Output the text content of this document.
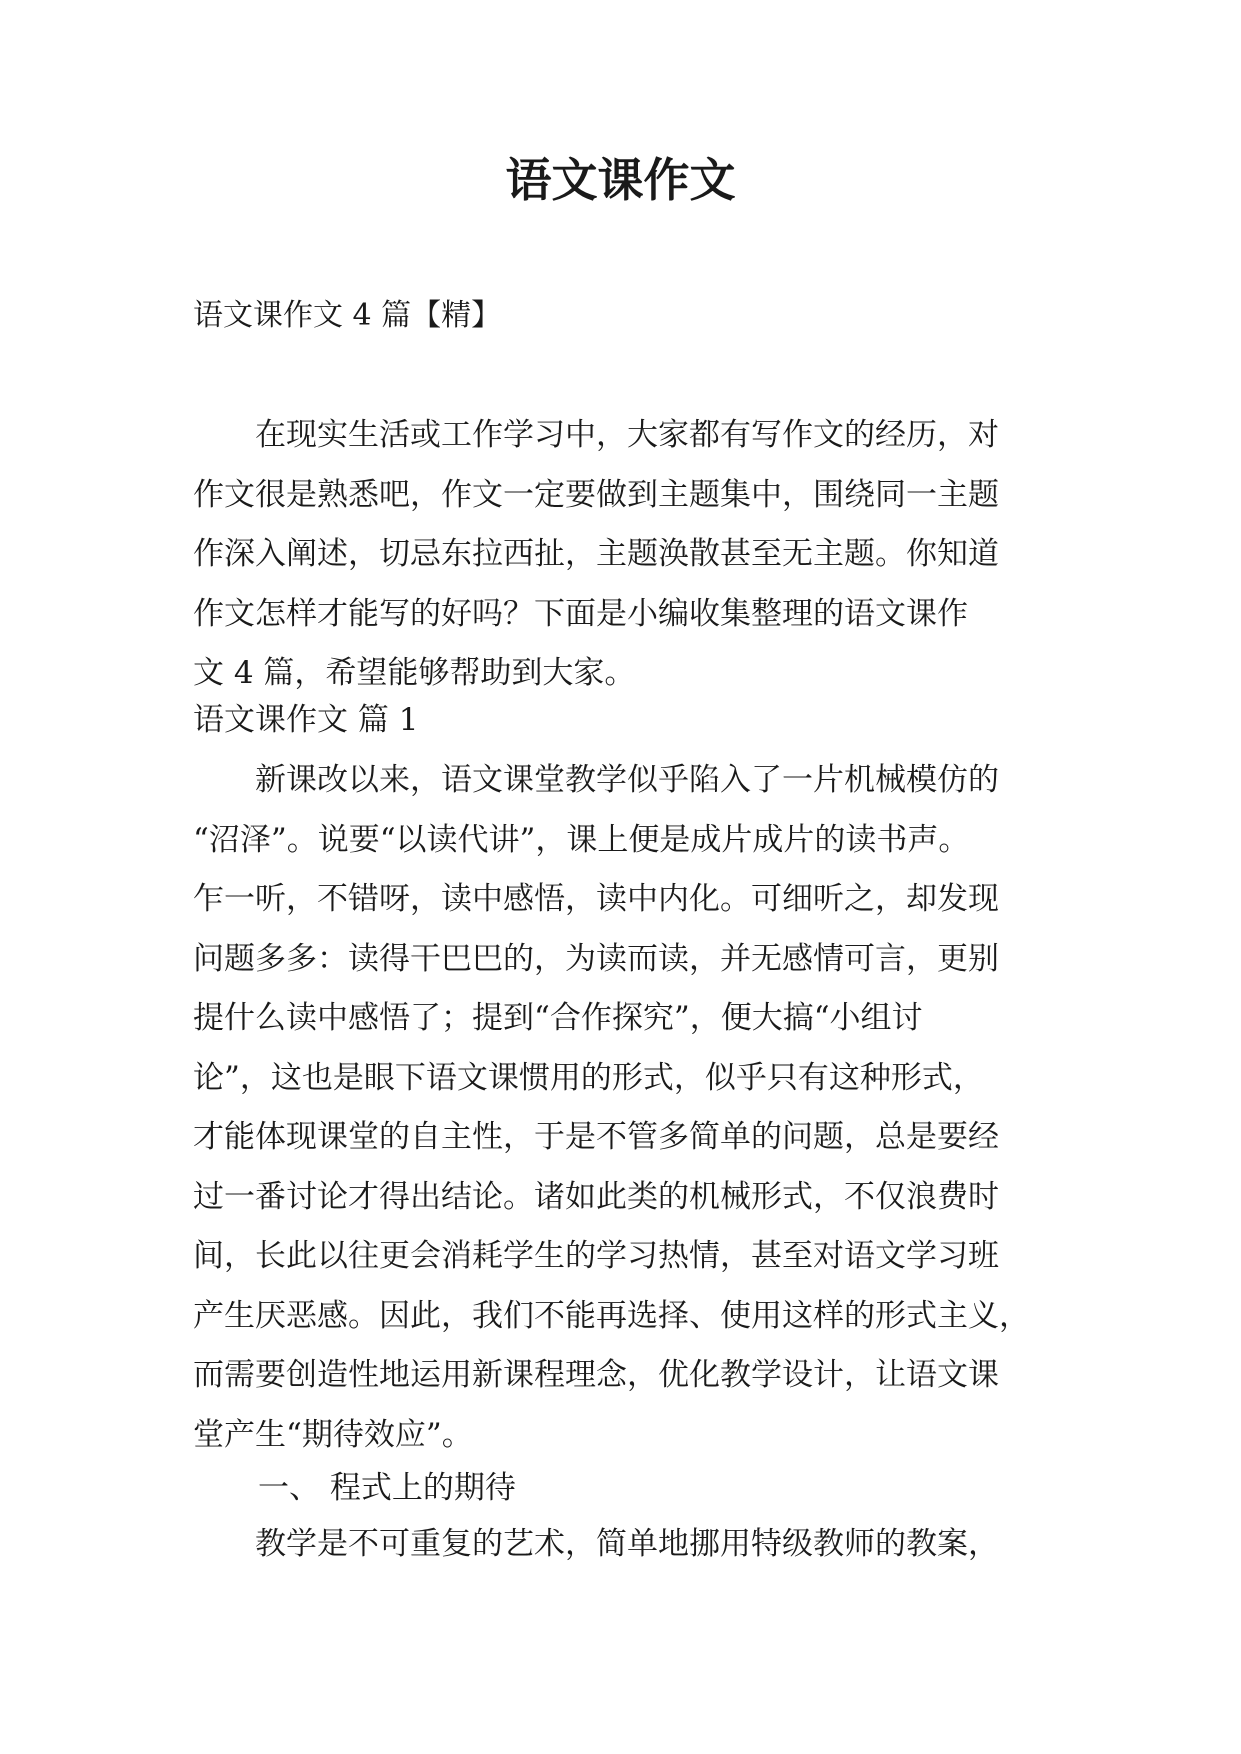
语文课作文
语文课作文 4 篇【精】
　　在现实生活或工作学习中，大家都有写作文的经历，对
作文很是熟悉吧，作文一定要做到主题集中，围绕同一主题
作深入阐述，切忌东拉西扯，主题涣散甚至无主题。你知道
作文怎样才能写的好吗？下面是小编收集整理的语文课作
文 4 篇，希望能够帮助到大家。
语文课作文 篇 1
　　新课改以来，语文课堂教学似乎陷入了一片机械模仿的
“沼泽”。说要“以读代讲”，课上便是成片成片的读书声。
乍一听，不错呀，读中感悟，读中内化。可细听之，却发现
问题多多：读得干巴巴的，为读而读，并无感情可言，更别
提什么读中感悟了；提到“合作探究”，便大搞“小组讨
论”，这也是眼下语文课惯用的形式，似乎只有这种形式，
才能体现课堂的自主性，于是不管多简单的问题，总是要经
过一番讨论才得出结论。诸如此类的机械形式，不仅浪费时
间，长此以往更会消耗学生的学习热情，甚至对语文学习班
产生厌恶感。因此，我们不能再选择、使用这样的形式主义，
而需要创造性地运用新课程理念，优化教学设计，让语文课
堂产生“期待效应”。
一、 程式上的期待
　　教学是不可重复的艺术，简单地挪用特级教师的教案，
